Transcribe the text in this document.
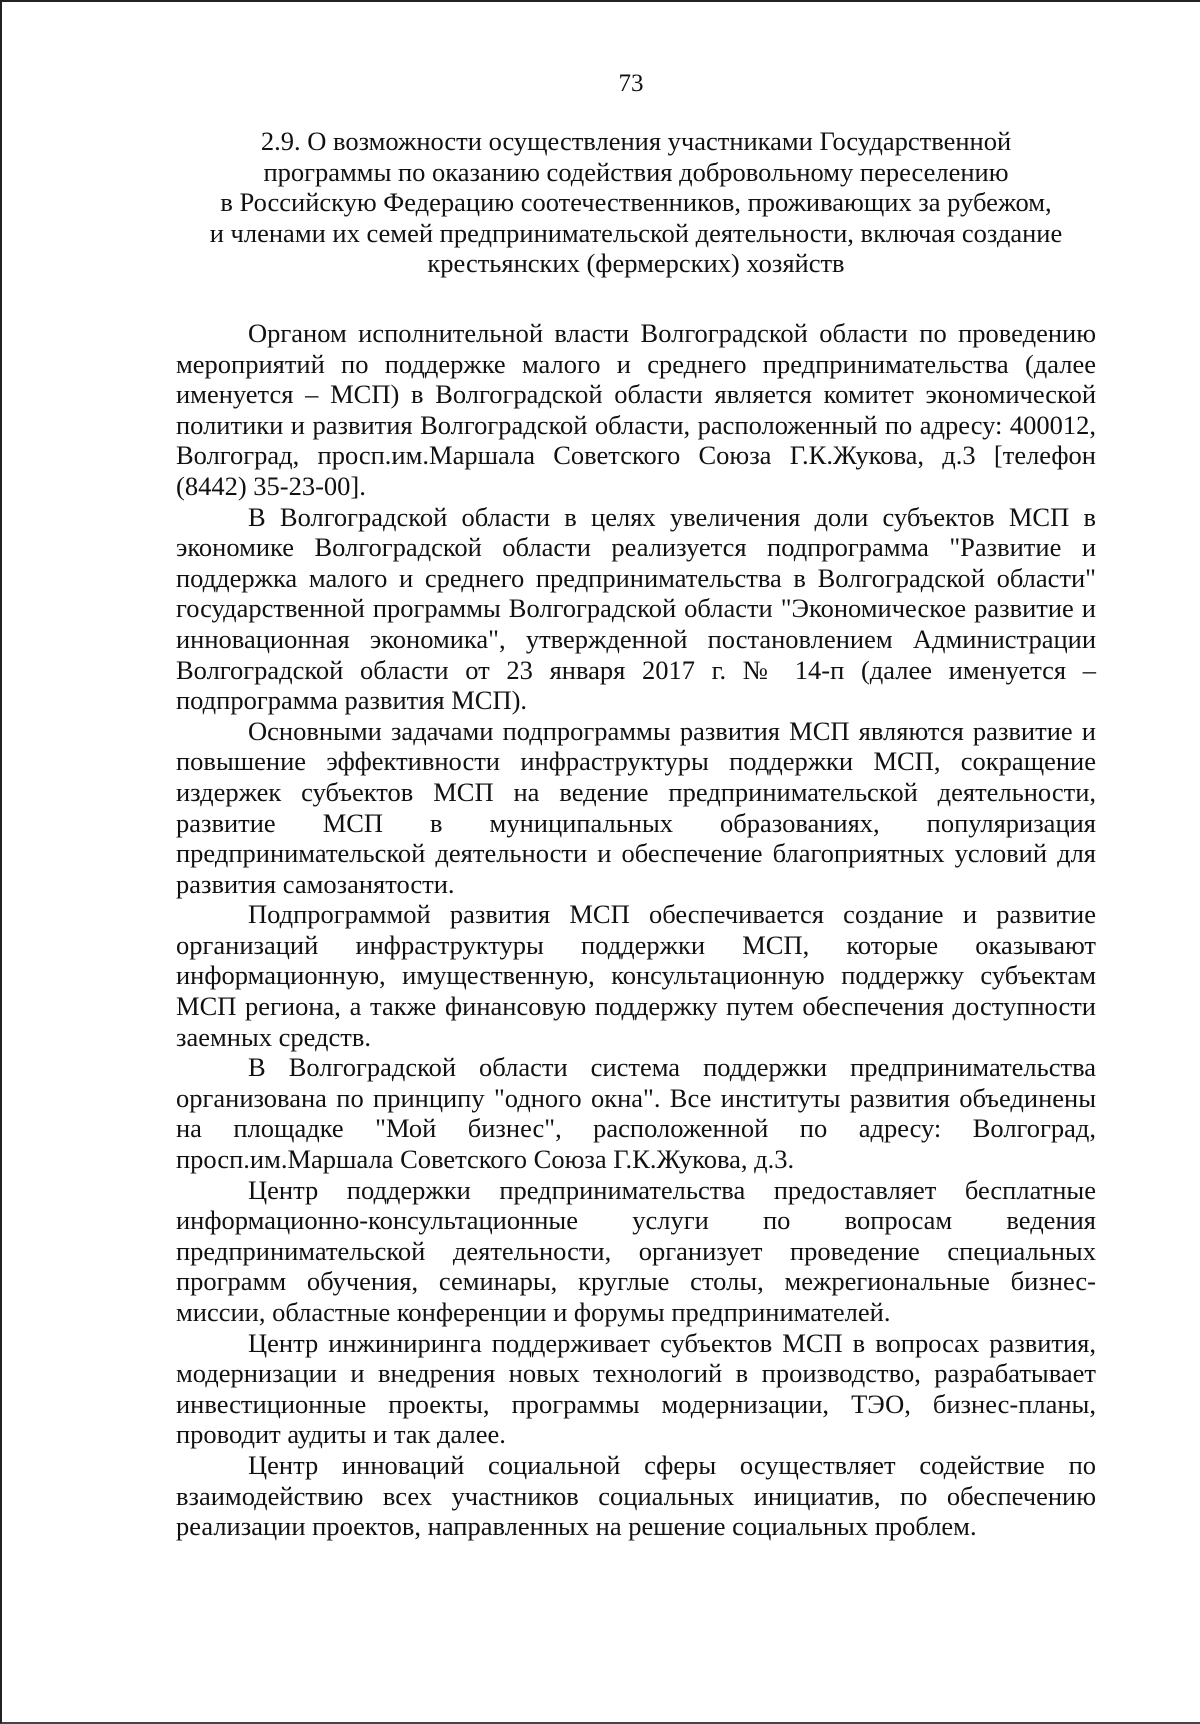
73
2.9. О возможности осуществления участниками Государственной
программы по оказанию содействия добровольному переселению
в Российскую Федерацию соотечественников, проживающих за рубежом,
и членами их семей предпринимательской деятельности, включая создание
крестьянских (фермерских) хозяйств

Органом исполнительной власти Волгоградской области по проведению мероприятий по поддержке малого и среднего предпринимательства (далее именуется – МСП) в Волгоградской области является комитет экономической политики и развития Волгоградской области, расположенный по адресу: 400012, Волгоград, просп.им.Маршала Советского Союза Г.К.Жукова, д.3 [телефон (8442) 35-23-00].

В Волгоградской области в целях увеличения доли субъектов МСП в экономике Волгоградской области реализуется подпрограмма "Развитие и поддержка малого и среднего предпринимательства в Волгоградской области" государственной программы Волгоградской области "Экономическое развитие и инновационная экономика", утвержденной постановлением Администрации Волгоградской области от 23 января 2017 г. № 14-п (далее именуется – подпрограмма развития МСП).

Основными задачами подпрограммы развития МСП являются развитие и повышение эффективности инфраструктуры поддержки МСП, сокращение издержек субъектов МСП на ведение предпринимательской деятельности, развитие МСП в муниципальных образованиях, популяризация предпринимательской деятельности и обеспечение благоприятных условий для развития самозанятости.

Подпрограммой развития МСП обеспечивается создание и развитие организаций инфраструктуры поддержки МСП, которые оказывают информационную, имущественную, консультационную поддержку субъектам МСП региона, а также финансовую поддержку путем обеспечения доступности заемных средств.

В Волгоградской области система поддержки предпринимательства организована по принципу "одного окна". Все институты развития объединены на площадке "Мой бизнес", расположенной по адресу: Волгоград, просп.им.Маршала Советского Союза Г.К.Жукова, д.3.

Центр поддержки предпринимательства предоставляет бесплатные информационно-консультационные услуги по вопросам ведения предпринимательской деятельности, организует проведение специальных программ обучения, семинары, круглые столы, межрегиональные бизнес-миссии, областные конференции и форумы предпринимателей.

Центр инжиниринга поддерживает субъектов МСП в вопросах развития, модернизации и внедрения новых технологий в производство, разрабатывает инвестиционные проекты, программы модернизации, ТЭО, бизнес-планы, проводит аудиты и так далее.

Центр инноваций социальной сферы осуществляет содействие по взаимодействию всех участников социальных инициатив, по обеспечению реализации проектов, направленных на решение социальных проблем.
